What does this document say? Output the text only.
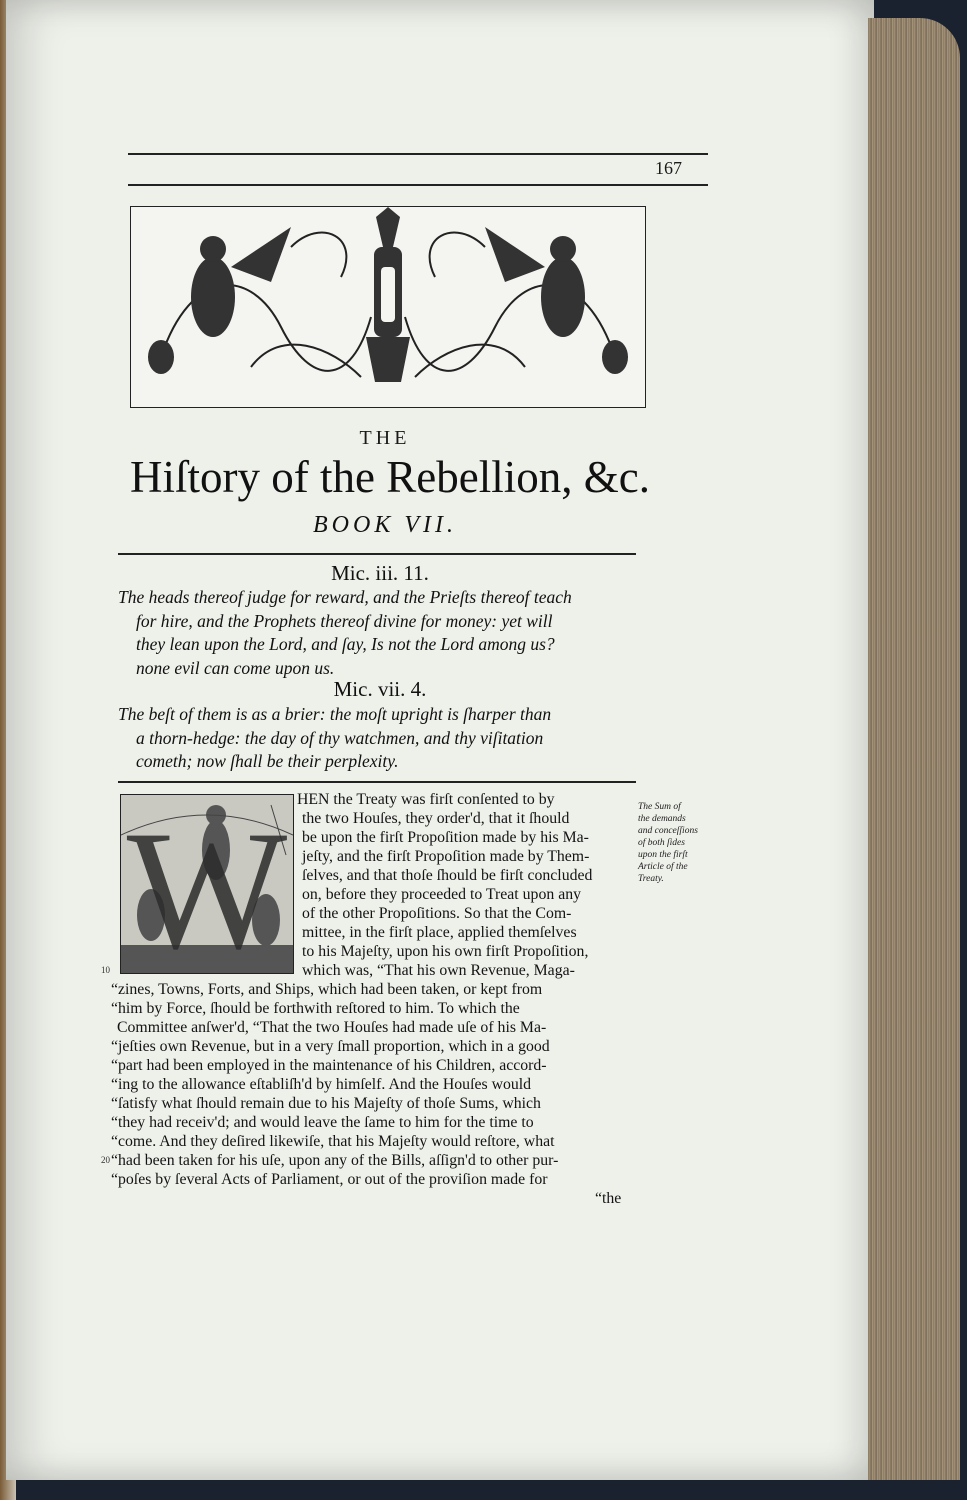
167
THE
Hiſtory of the Rebellion, &c.
BOOK VII.
Mic. iii. 11.
The heads thereof judge for reward, and the Prieſts thereof teach
for hire, and the Prophets thereof divine for money: yet will
they lean upon the Lord, and ſay, Is not the Lord among us?
none evil can come upon us.
Mic. vii. 4.
The beſt of them is as a brier: the moſt upright is ſharper than
a thorn-hedge: the day of thy watchmen, and thy viſitation
cometh; now ſhall be their perplexity.
W HEN the Treaty was firſt conſented to by
the two Houſes, they order'd, that it ſhould
be upon the firſt Propoſition made by his Ma-
jeſty, and the firſt Propoſition made by Them-
ſelves, and that thoſe ſhould be firſt concluded
on, before they proceeded to Treat upon any
of the other Propoſitions. So that the Com-
mittee, in the firſt place, applied themſelves
to his Majeſty, upon his own firſt Propoſition,
which was, “That his own Revenue, Maga-
“zines, Towns, Forts, and Ships, which had been taken, or kept from
“him by Force, ſhould be forthwith reſtored to him. To which the
Committee anſwer'd, “That the two Houſes had made uſe of his Ma-
“jeſties own Revenue, but in a very ſmall proportion, which in a good
“part had been employed in the maintenance of his Children, accord-
“ing to the allowance eſtabliſh'd by himſelf. And the Houſes would
“ſatisfy what ſhould remain due to his Majeſty of thoſe Sums, which
“they had receiv'd; and would leave the ſame to him for the time to
“come. And they deſired likewiſe, that his Majeſty would reſtore, what
“had been taken for his uſe, upon any of the Bills, aſſign'd to other pur-
“poſes by ſeveral Acts of Parliament, or out of the proviſion made for
“the
The Sum of
the demands
and conceſſions
of both ſides
upon the firſt
Article of the
Treaty.
10
20
